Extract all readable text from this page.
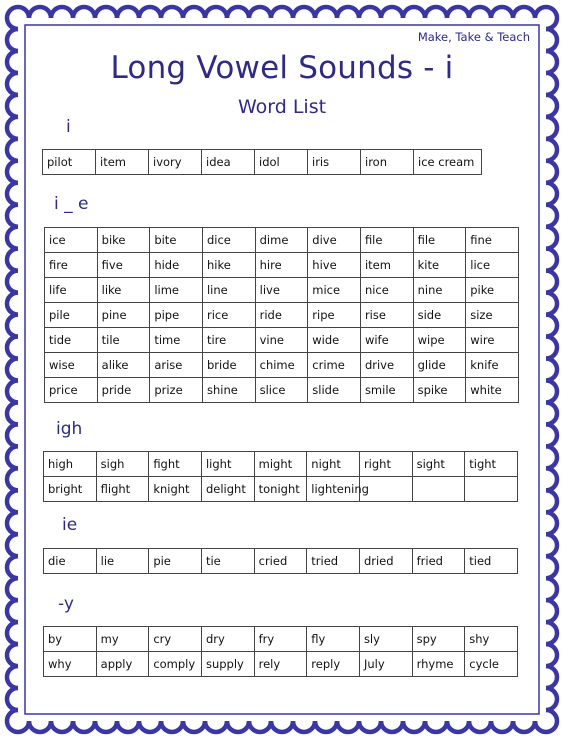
Make, Take & Teach
Long Vowel Sounds - i
Word List
i
pilot	item	ivory	idea	idol	iris	iron	ice cream
i _ e
ice	bike	bite	dice	dime	dive	file	file	fine
fire	five	hide	hike	hire	hive	item	kite	lice
life	like	lime	line	live	mice	nice	nine	pike
pile	pine	pipe	rice	ride	ripe	rise	side	size
tide	tile	time	tire	vine	wide	wife	wipe	wire
wise	alike	arise	bride	chime	crime	drive	glide	knife
price	pride	prize	shine	slice	slide	smile	spike	white
igh
high	sigh	fight	light	might	night	right	sight	tight
bright	flight	knight	delight	tonight	lightening			
ie
die	lie	pie	tie	cried	tried	dried	fried	tied
-y
by	my	cry	dry	fry	fly	sly	spy	shy
why	apply	comply	supply	rely	reply	July	rhyme	cycle
